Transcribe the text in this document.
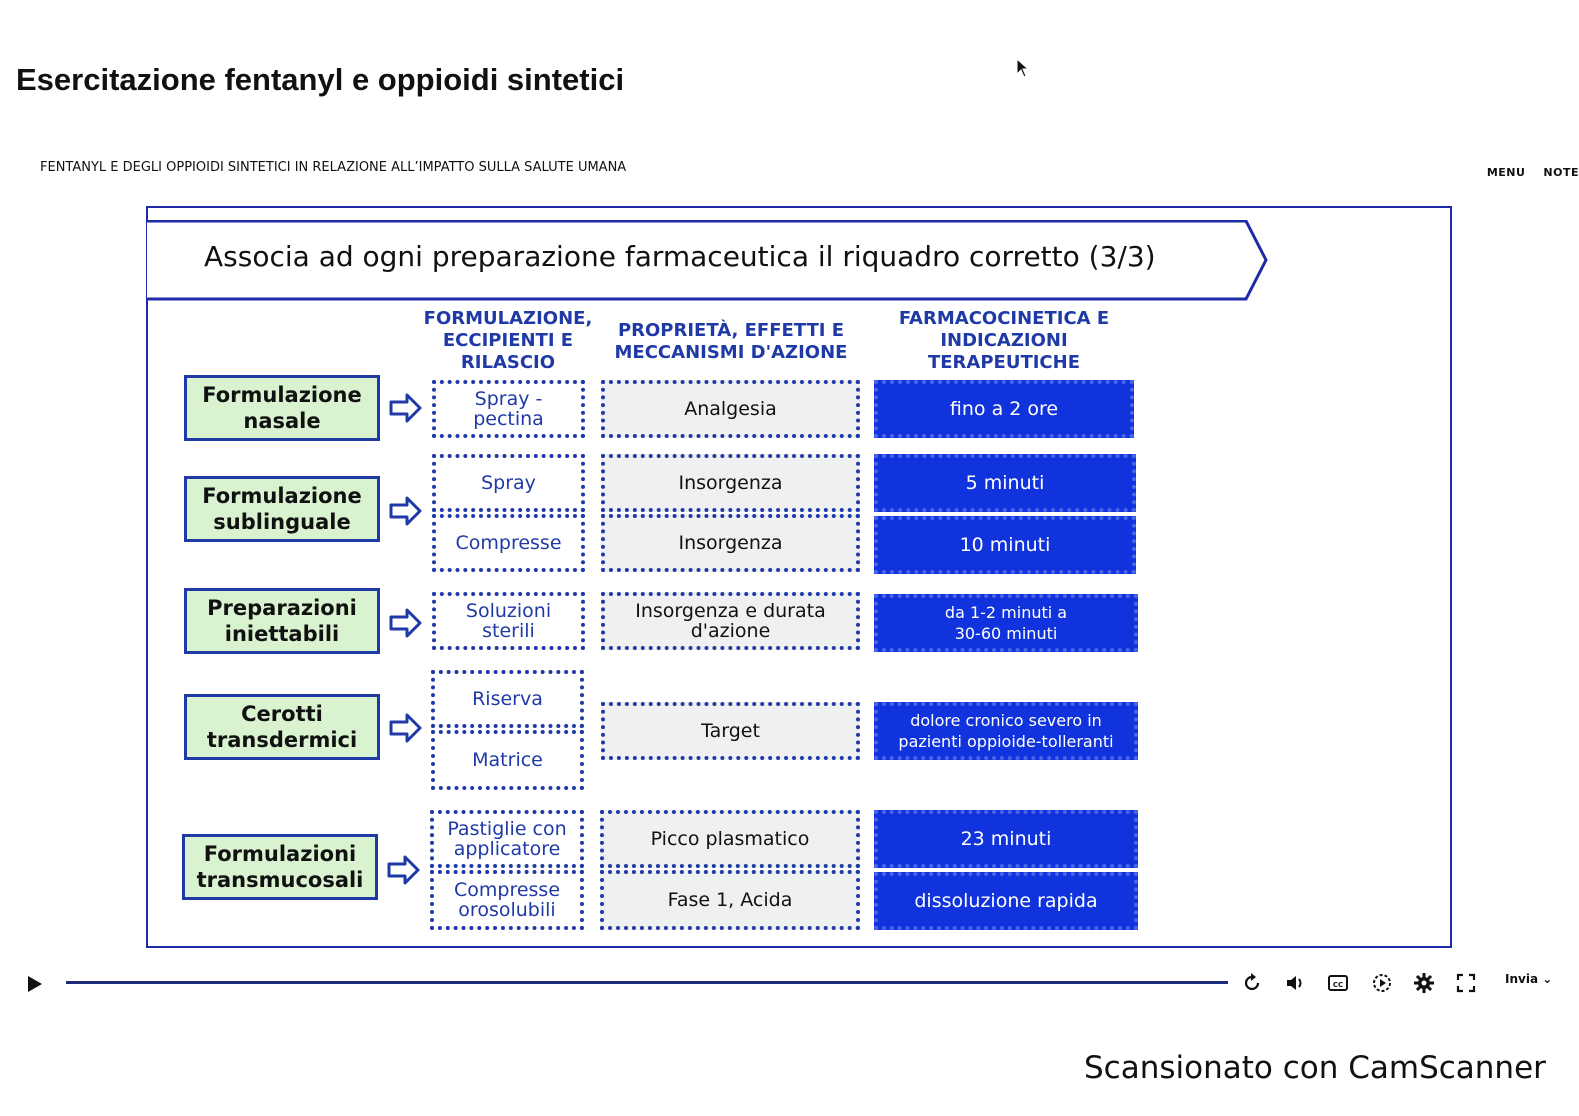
Esercitazione fentanyl e oppioidi sintetici
FENTANYL E DEGLI OPPIOIDI SINTETICI IN RELAZIONE ALL’IMPATTO SULLA SALUTE UMANA	MENU NOTE
Associa ad ogni preparazione farmaceutica il riquadro corretto (3/3)
FORMULAZIONE, ECCIPIENTI E RILASCIO
PROPRIETÀ, EFFETTI E MECCANISMI D'AZIONE
FARMACOCINETICA E INDICAZIONI TERAPEUTICHE
Formulazione
nasale
Formulazione
sublinguale
Preparazioni
iniettabili
Cerotti
transdermici
Formulazioni
transmucosali
Spray -
pectina
Spray
Compresse
Soluzioni
sterili
Riserva
Matrice
Pastiglie con
applicatore
Compresse
orosolubili
Analgesia
Insorgenza
Insorgenza
Insorgenza e durata
d'azione
Target
Picco plasmatico
Fase 1, Acida
fino a 2 ore
5 minuti
10 minuti
da 1-2 minuti a
30-60 minuti
dolore cronico severo in
pazienti oppioide-tolleranti
23 minuti
dissoluzione rapida
CC	Invia ⌄
Scansionato con CamScanner
